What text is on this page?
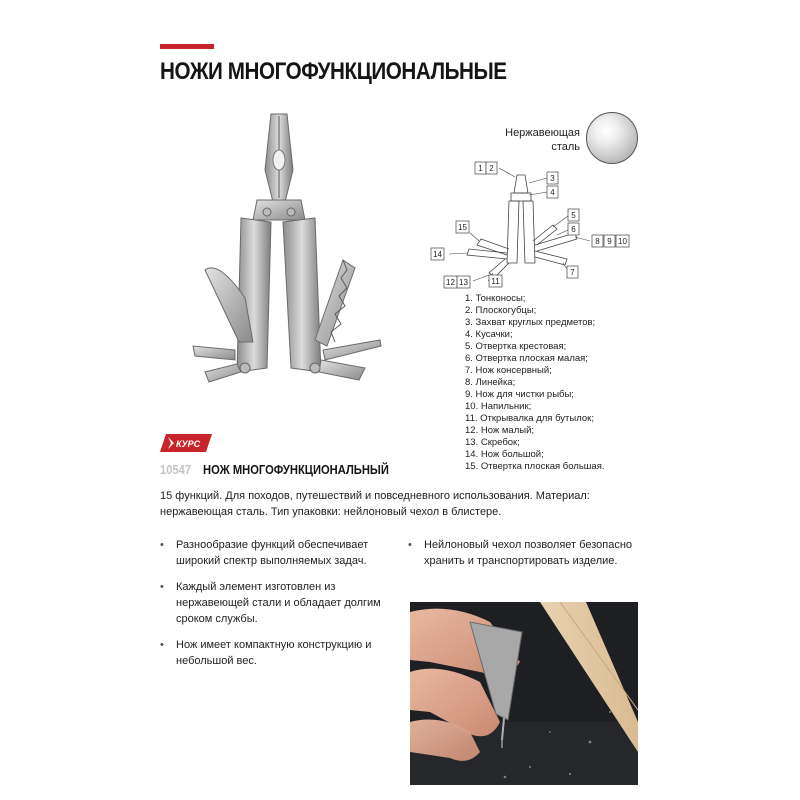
НОЖИ МНОГОФУНКЦИОНАЛЬНЫЕ
Нержавеющая
сталь
1 2
3
4
5
6
8 9 10
7
11
12 13
14
15
1. Тонконосы;
2. Плоскогубцы;
3. Захват круглых предметов;
4. Кусачки;
5. Отвертка крестовая;
6. Отвертка плоская малая;
7. Нож консервный;
8. Линейка;
9. Нож для чистки рыбы;
10. Напильник;
11. Открывалка для бутылок;
12. Нож малый;
13. Скребок;
14. Нож большой;
15. Отвертка плоская большая.
КУРС
10547 НОЖ МНОГОФУНКЦИОНАЛЬНЫЙ

15 функций. Для походов, путешествий и повседневного использования. Материал: нержавеющая сталь. Тип упаковки: нейлоновый чехол в блистере.

• Разнообразие функций обеспечивает широкий спектр выполняемых задач.
• Каждый элемент изготовлен из нержавеющей стали и обладает долгим сроком службы.
• Нож имеет компактную конструкцию и небольшой вес.
• Нейлоновый чехол позволяет безопасно хранить и транспортировать изделие.
